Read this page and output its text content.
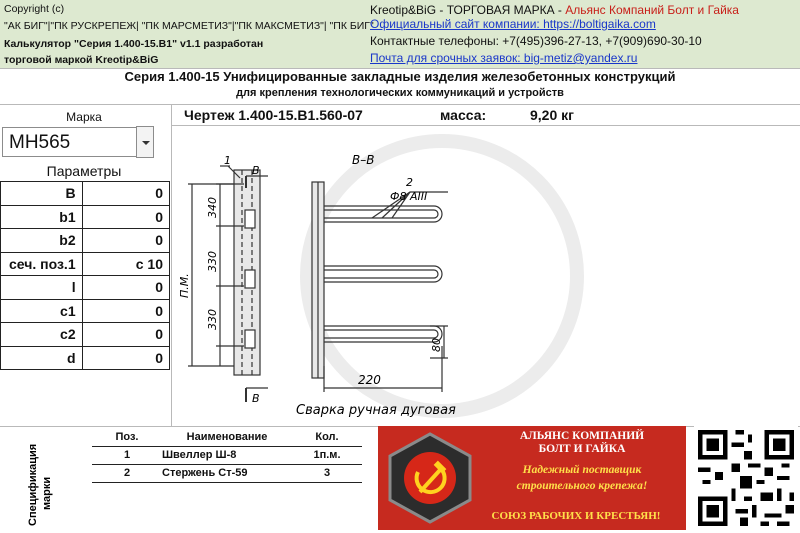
Copyright (c)
"АК БИГ"|"ПК РУСКРЕПЕЖ| "ПК МАРСМЕТИЗ"|"ПК МАКСМЕТИЗ"| "ПК БИГ"
Калькулятор "Серия 1.400-15.В1" v1.1 разработан
торговой маркой Kreotip&BiG
Kreotip&BiG - ТОРГОВАЯ МАРКА - Альянс Компаний Болт и Гайка
Официальный сайт компании: https://boltigaika.com
Контактные телефоны: +7(495)396-27-13, +7(909)690-30-10
Почта для срочных заявок: big-metiz@yandex.ru
Серия 1.400-15 Унифицированные закладные изделия железобетонных конструкций
для крепления технологических коммуникаций и устройств
Марка
МН565
Параметры
В	0
b1	0
b2	0
сеч. поз.1	с 10
l	0
c1	0
c2	0
d	0
Чертеж 1.400-15.В1.560-07	масса:	9,20 кг
1
В
В
340
330
330
П.М.
В–В
2
Ф8 АIII
80
220
Сварка ручная дуговая
Спецификация марки
Поз.	Наименование	Кол.
1	Швеллер Ш-8	1п.м.
2	Стержень Ст-59	3
АЛЬЯНС КОМПАНИЙ
БОЛТ И ГАЙКА
Надежный поставщик
строительного крепежа!
СОЮЗ РАБОЧИХ И КРЕСТЬЯН!
